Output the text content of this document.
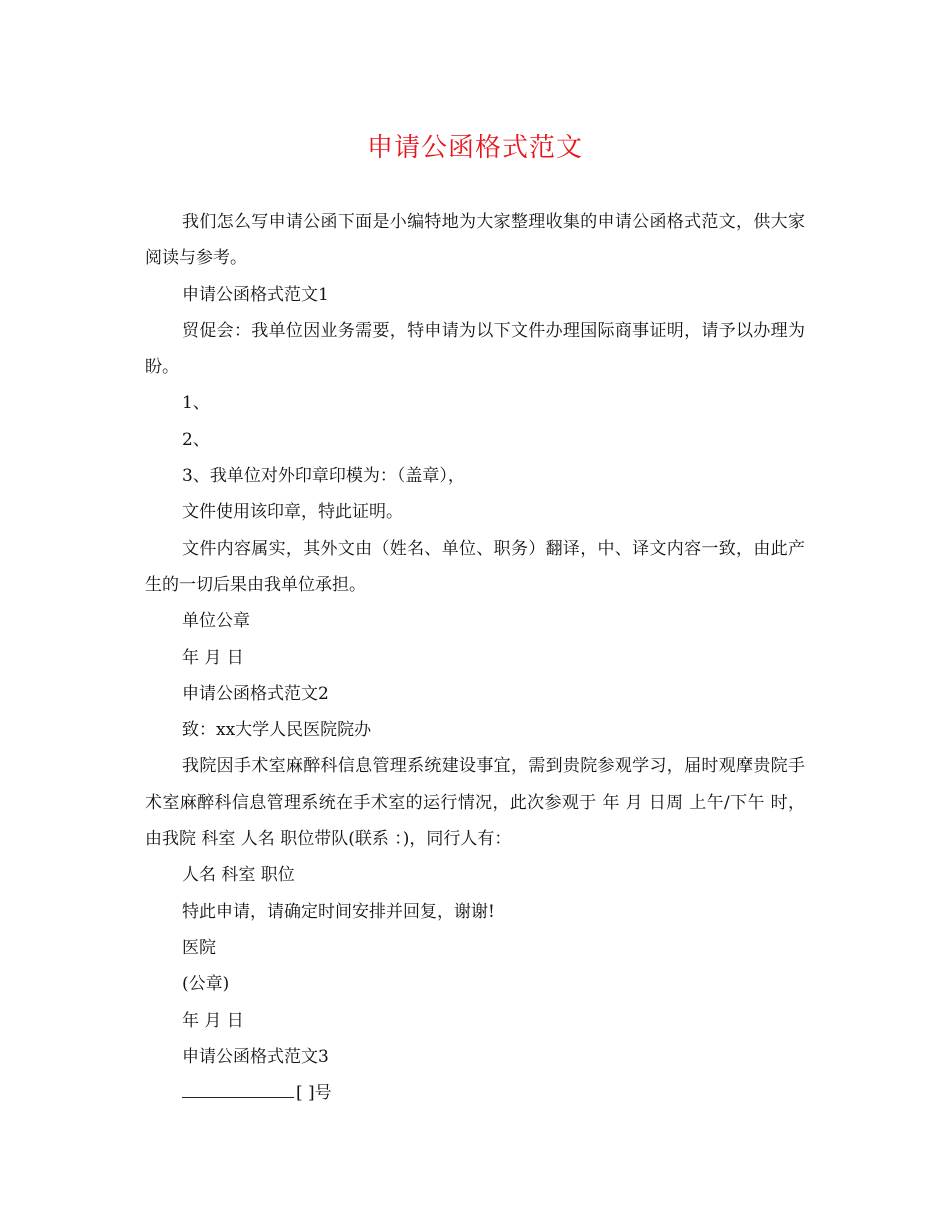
申请公函格式范文

我们怎么写申请公函下面是小编特地为大家整理收集的申请公函格式范文，供大家阅读与参考。

申请公函格式范文1

贸促会：我单位因业务需要，特申请为以下文件办理国际商事证明，请予以办理为盼。

1、

2、

3、我单位对外印章印模为：（盖章），

文件使用该印章，特此证明。

文件内容属实，其外文由（姓名、单位、职务）翻译，中、译文内容一致，由此产生的一切后果由我单位承担。

单位公章

年 月 日

申请公函格式范文2

致：xx大学人民医院院办

我院因手术室麻醉科信息管理系统建设事宜，需到贵院参观学习，届时观摩贵院手术室麻醉科信息管理系统在手术室的运行情况，此次参观于 年 月 日周 上午/下午 时，由我院 科室 人名 职位带队(联系 ：)，同行人有：

人名 科室 职位

特此申请，请确定时间安排并回复，谢谢!

医院

(公章)

年 月 日

申请公函格式范文3

[ ]号
